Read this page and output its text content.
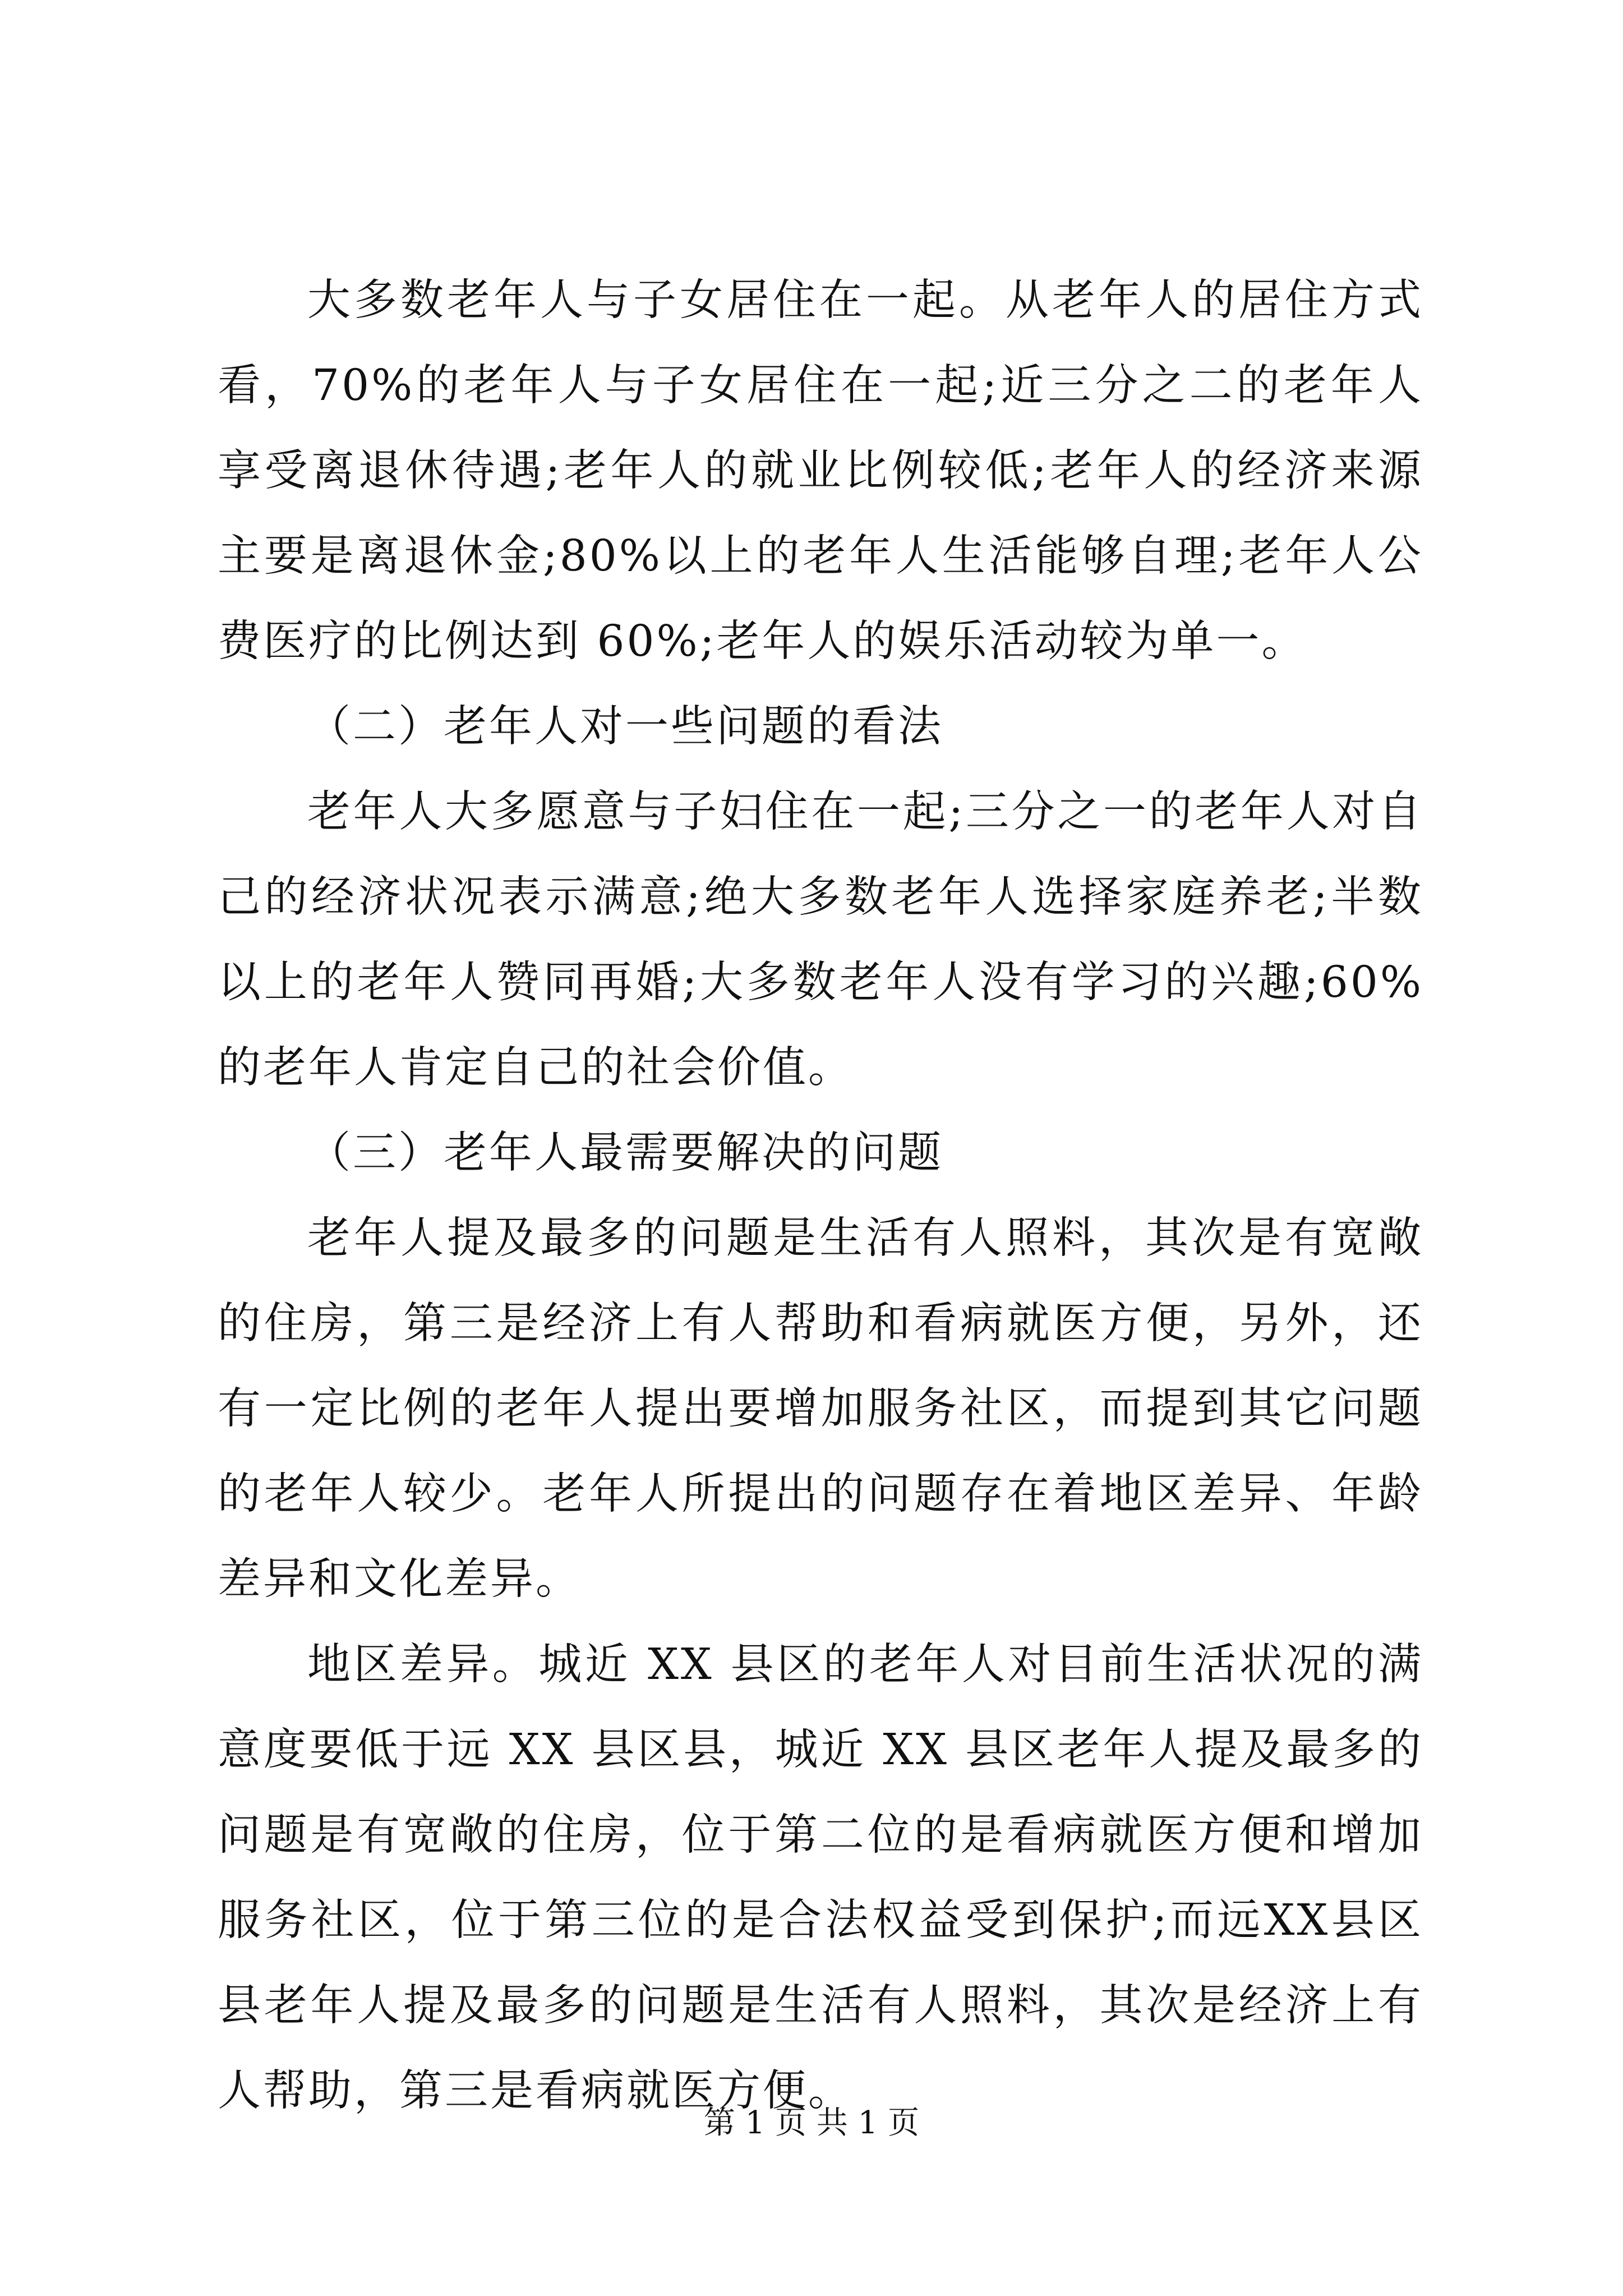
大多数老年人与子女居住在一起。从老年人的居住方式看，70%的老年人与子女居住在一起;近三分之二的老年人享受离退休待遇;老年人的就业比例较低;老年人的经济来源主要是离退休金;80%以上的老年人生活能够自理;老年人公费医疗的比例达到 60%;老年人的娱乐活动较为单一。

（二）老年人对一些问题的看法

老年人大多愿意与子妇住在一起;三分之一的老年人对自己的经济状况表示满意;绝大多数老年人选择家庭养老;半数以上的老年人赞同再婚;大多数老年人没有学习的兴趣;60%的老年人肯定自己的社会价值。

（三）老年人最需要解决的问题

老年人提及最多的问题是生活有人照料，其次是有宽敞的住房，第三是经济上有人帮助和看病就医方便，另外，还有一定比例的老年人提出要增加服务社区，而提到其它问题的老年人较少。老年人所提出的问题存在着地区差异、年龄差异和文化差异。

地区差异。城近 XX 县区的老年人对目前生活状况的满意度要低于远 XX 县区县，城近 XX 县区老年人提及最多的问题是有宽敞的住房，位于第二位的是看病就医方便和增加服务社区，位于第三位的是合法权益受到保护;而远XX县区县老年人提及最多的问题是生活有人照料，其次是经济上有人帮助，第三是看病就医方便。

第 1 页 共 1 页
